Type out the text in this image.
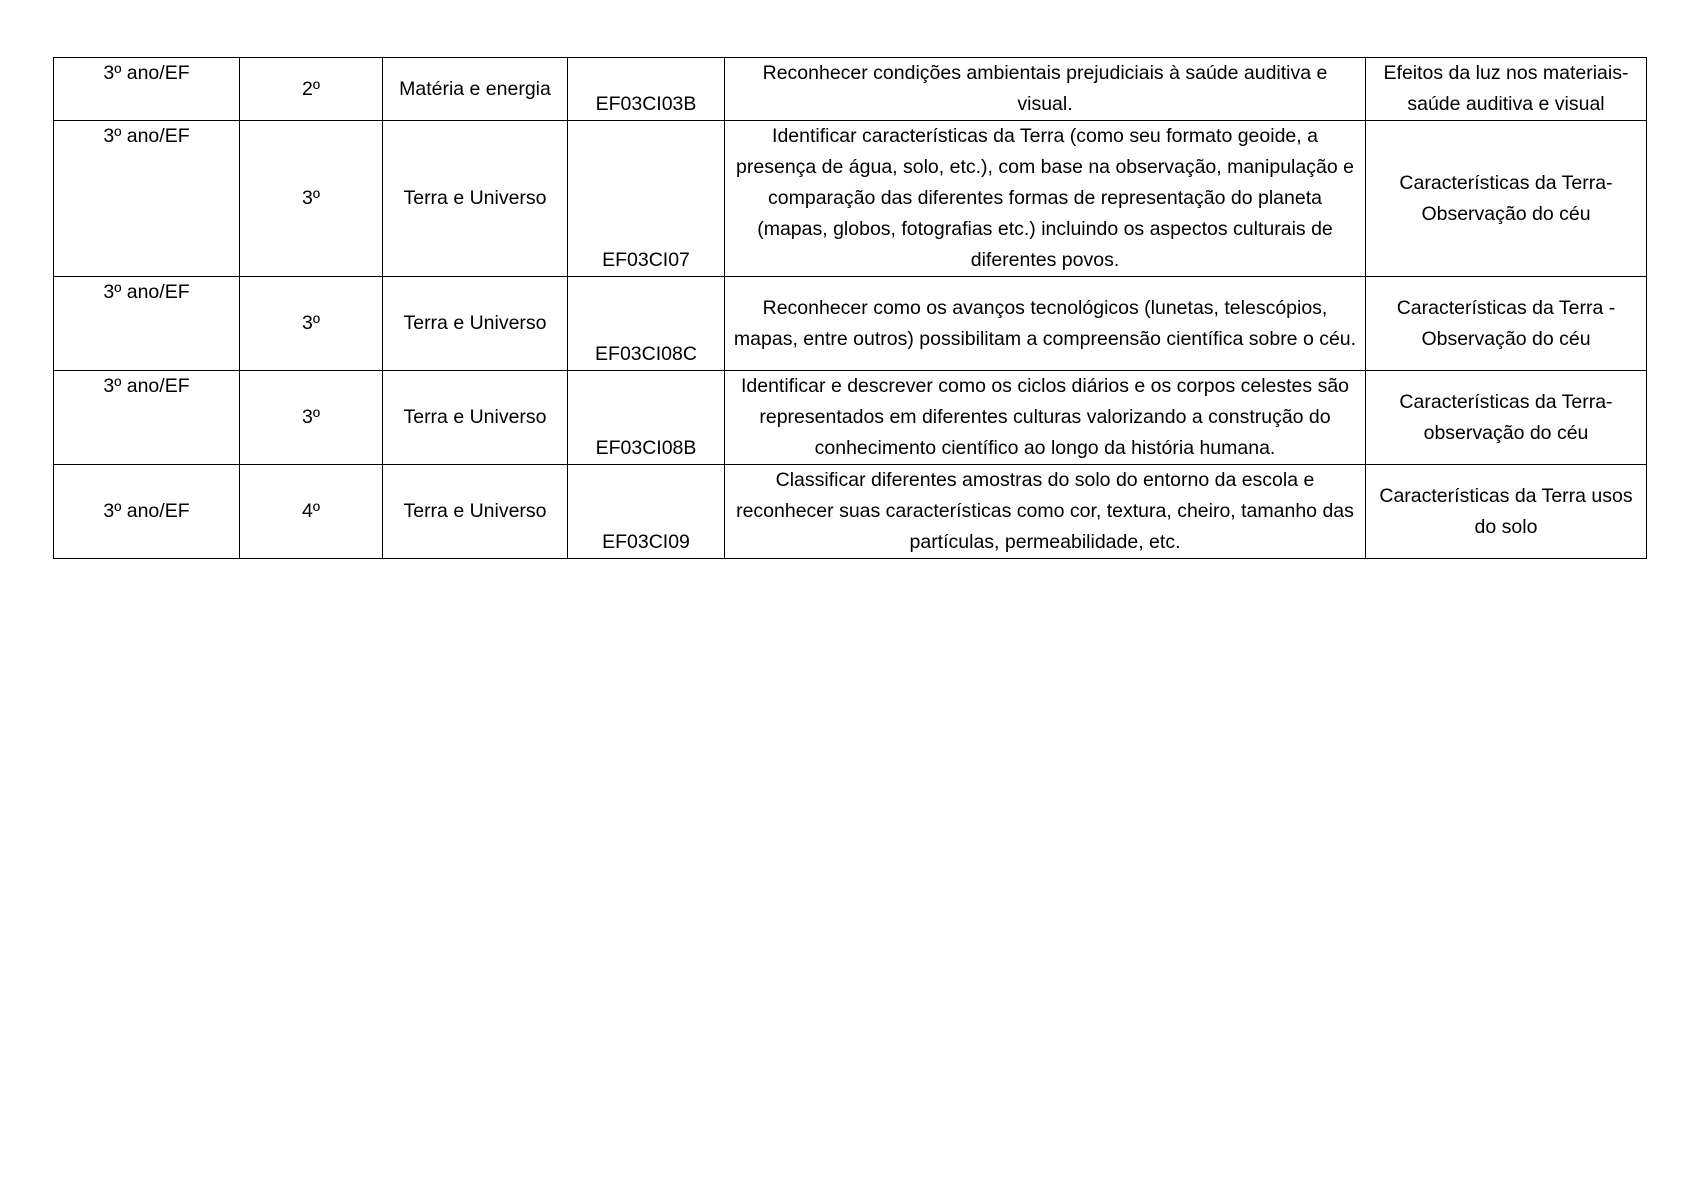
3º ano/EF	2º	Matéria e energia	EF03CI03B	Reconhecer condições ambientais prejudiciais à saúde auditiva e visual.	Efeitos da luz nos materiais- saúde auditiva e visual
3º ano/EF	3º	Terra e Universo	EF03CI07	Identificar características da Terra (como seu formato geoide, a presença de água, solo, etc.), com base na observação, manipulação e comparação das diferentes formas de representação do planeta (mapas, globos, fotografias etc.) incluindo os aspectos culturais de diferentes povos.	Características da Terra- Observação do céu
3º ano/EF	3º	Terra e Universo	EF03CI08C	Reconhecer como os avanços tecnológicos (lunetas, telescópios, mapas, entre outros) possibilitam a compreensão científica sobre o céu.	Características da Terra - Observação do céu
3º ano/EF	3º	Terra e Universo	EF03CI08B	Identificar e descrever como os ciclos diários e os corpos celestes são representados em diferentes culturas valorizando a construção do conhecimento científico ao longo da história humana.	Características da Terra- observação do céu
3º ano/EF	4º	Terra e Universo	EF03CI09	Classificar diferentes amostras do solo do entorno da escola e reconhecer suas características como cor, textura, cheiro, tamanho das partículas, permeabilidade, etc.	Características da Terra usos do solo
